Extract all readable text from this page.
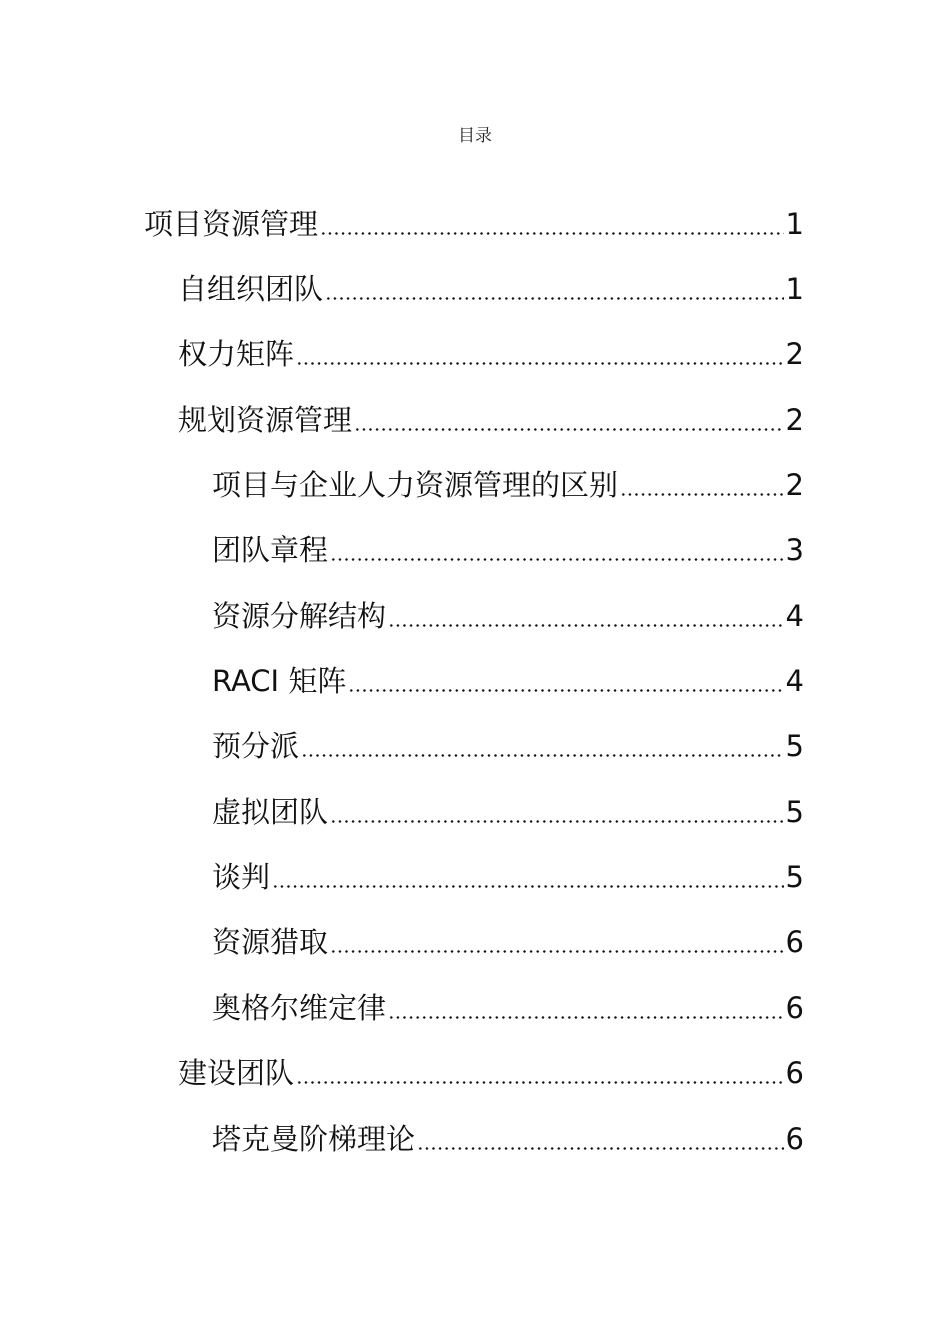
目录
项目资源管理	1
自组织团队	1
权力矩阵	2
规划资源管理	2
项目与企业人力资源管理的区别	2
团队章程	3
资源分解结构	4
RACI 矩阵	4
预分派	5
虚拟团队	5
谈判	5
资源猎取	6
奥格尔维定律	6
建设团队	6
塔克曼阶梯理论	6
